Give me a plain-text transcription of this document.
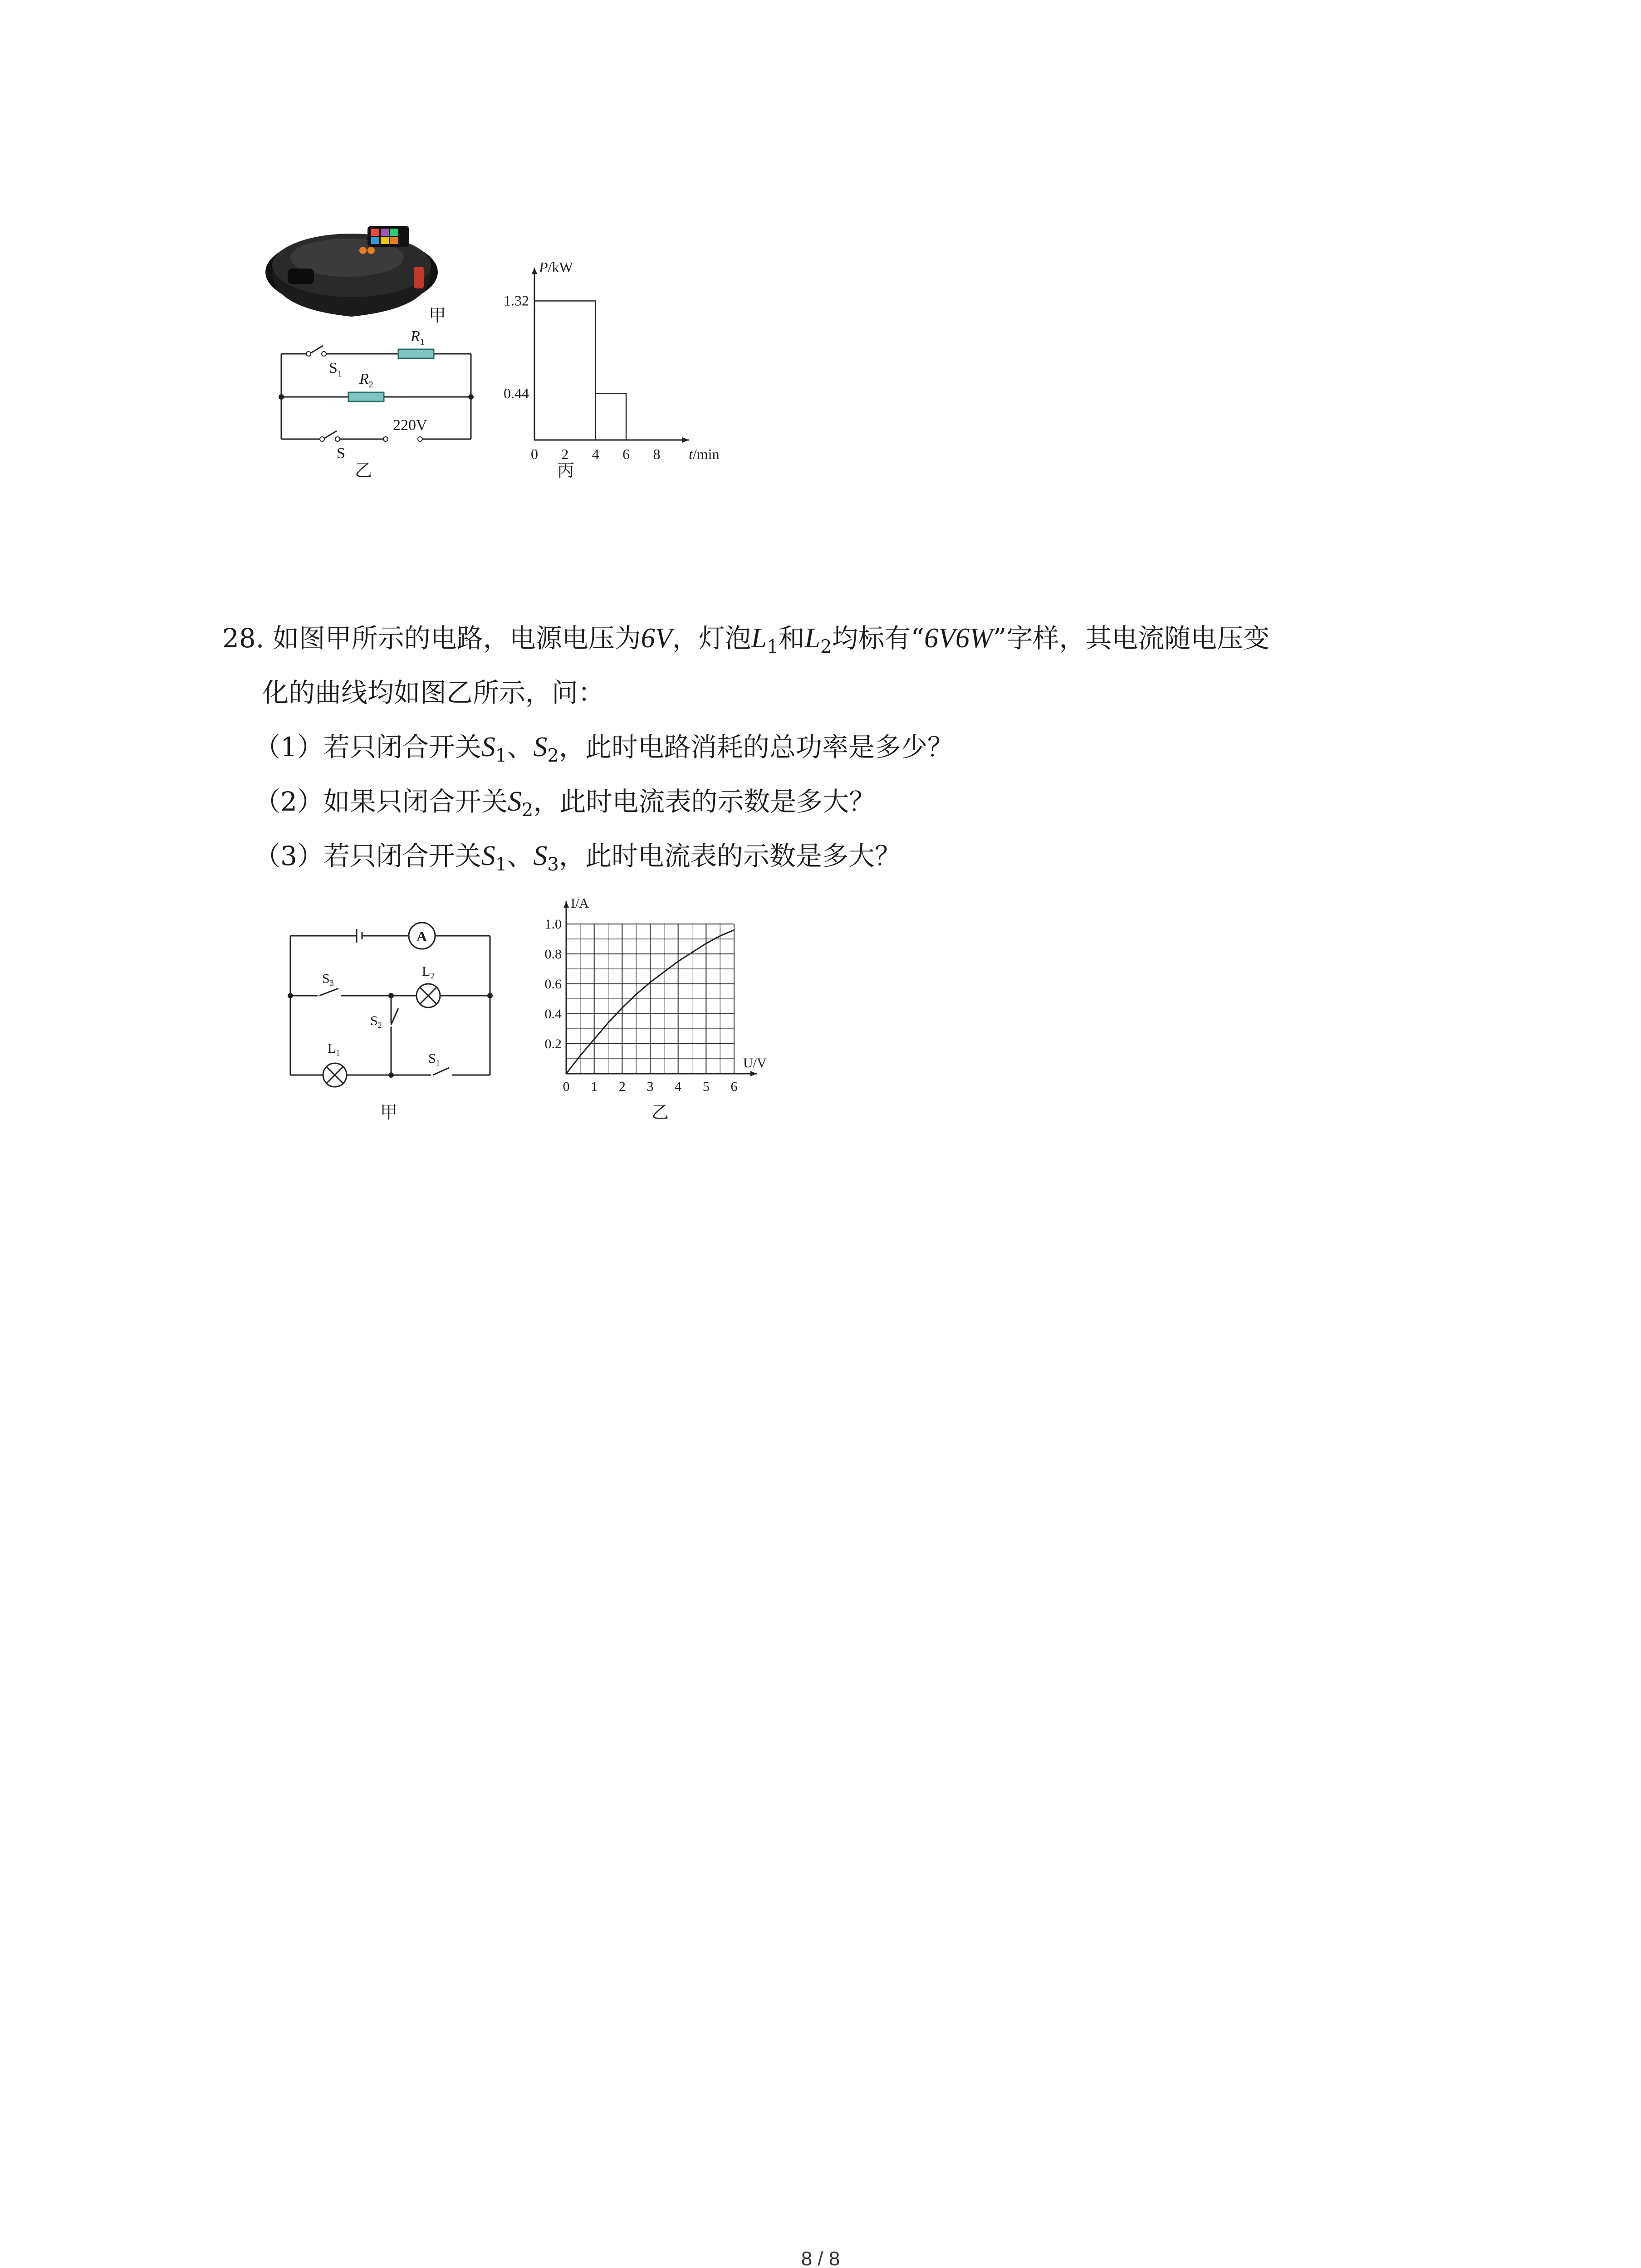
甲
$R_1$
$S_1$ $R_2$
S
220V
乙
P/kW
t/min
0 2 4 6 8
1.32
0.44
丙
28. 如图甲所示的电路，电源电压为6V，灯泡$L_1$和$L_2$均标有“6V6W”字样，其电流随电压变
化的曲线均如图乙所示，问：
（1）若只闭合开关$S_1$、$S_2$，此时电路消耗的总功率是多少？
（2）如果只闭合开关$S_2$，此时电流表的示数是多大？
（3）若只闭合开关$S_1$、$S_3$，此时电流表的示数是多大？
A
$S_3$
$L_2$
$S_2$
$L_1$	$S_1$
甲
I/A
U/V
0 1 2 3 4 5 6
0.2
0.4
0.6
0.8
1.0
乙
8 / 8
